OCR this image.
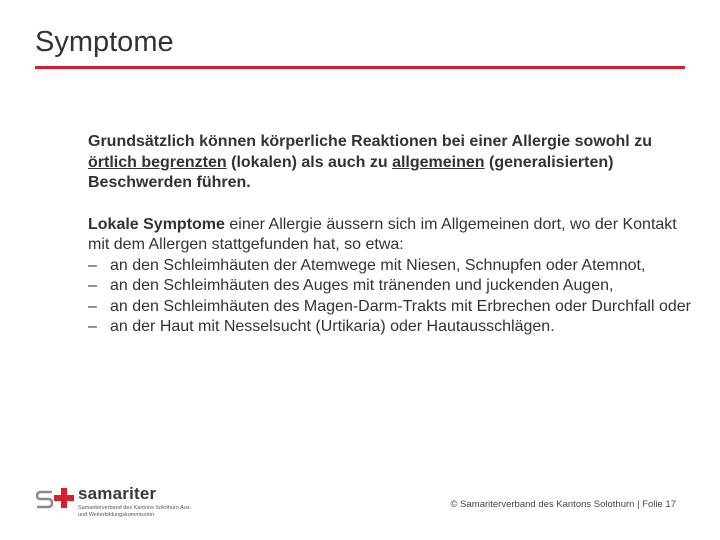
Symptome

Grundsätzlich können körperliche Reaktionen bei einer Allergie sowohl zu örtlich begrenzten (lokalen) als auch zu allgemeinen (generalisierten) Beschwerden führen.

Lokale Symptome einer Allergie äussern sich im Allgemeinen dort, wo der Kontakt mit dem Allergen stattgefunden hat, so etwa:

– an den Schleimhäuten der Atemwege mit Niesen, Schnupfen oder Atemnot,
– an den Schleimhäuten des Auges mit tränenden und juckenden Augen,
– an den Schleimhäuten des Magen-Darm-Trakts mit Erbrechen oder Durchfall oder
– an der Haut mit Nesselsucht (Urtikaria) oder Hautausschlägen.
samariter
Samariterverband des Kantons Solothurn Aus- und Weiterbildungskommission
© Samariterverband des Kantons Solothurn | Folie 17
